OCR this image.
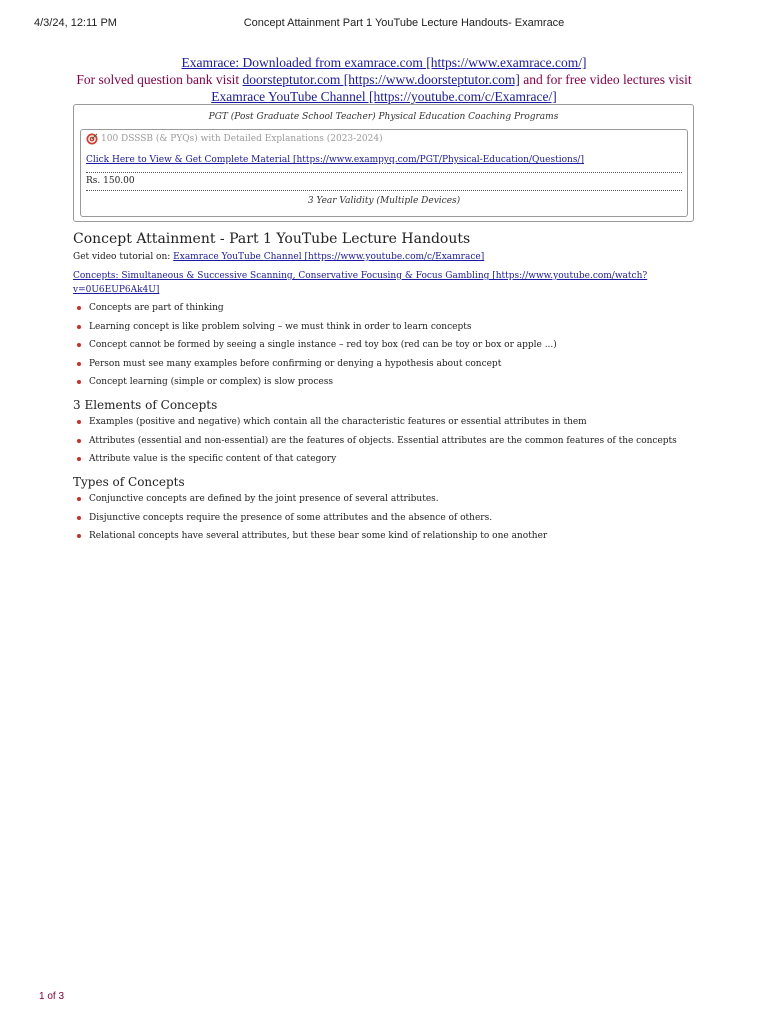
4/3/24, 12:11 PM	Concept Attainment Part 1 YouTube Lecture Handouts- Examrace
Examrace: Downloaded from examrace.com [https://www.examrace.com/]
For solved question bank visit doorsteptutor.com [https://www.doorsteptutor.com] and for free video lectures visit
Examrace YouTube Channel [https://youtube.com/c/Examrace/]
PGT (Post Graduate School Teacher) Physical Education Coaching Programs
100 DSSSB (& PYQs) with Detailed Explanations (2023-2024)
Click Here to View & Get Complete Material [https://www.exampyq.com/PGT/Physical-Education/Questions/]
Rs. 150.00
3 Year Validity (Multiple Devices)
Concept Attainment - Part 1 YouTube Lecture Handouts
Get video tutorial on: Examrace YouTube Channel [https://www.youtube.com/c/Examrace]
Concepts: Simultaneous & Successive Scanning, Conservative Focusing & Focus Gambling [https://www.youtube.com/watch?
v=0U6EUP6Ak4U]
Concepts are part of thinking
Learning concept is like problem solving – we must think in order to learn concepts
Concept cannot be formed by seeing a single instance – red toy box (red can be toy or box or apple ...)
Person must see many examples before confirming or denying a hypothesis about concept
Concept learning (simple or complex) is slow process
3 Elements of Concepts
Examples (positive and negative) which contain all the characteristic features or essential attributes in them
Attributes (essential and non-essential) are the features of objects. Essential attributes are the common features of the concepts
Attribute value is the specific content of that category
Types of Concepts
Conjunctive concepts are defined by the joint presence of several attributes.
Disjunctive concepts require the presence of some attributes and the absence of others.
Relational concepts have several attributes, but these bear some kind of relationship to one another
1 of 3
